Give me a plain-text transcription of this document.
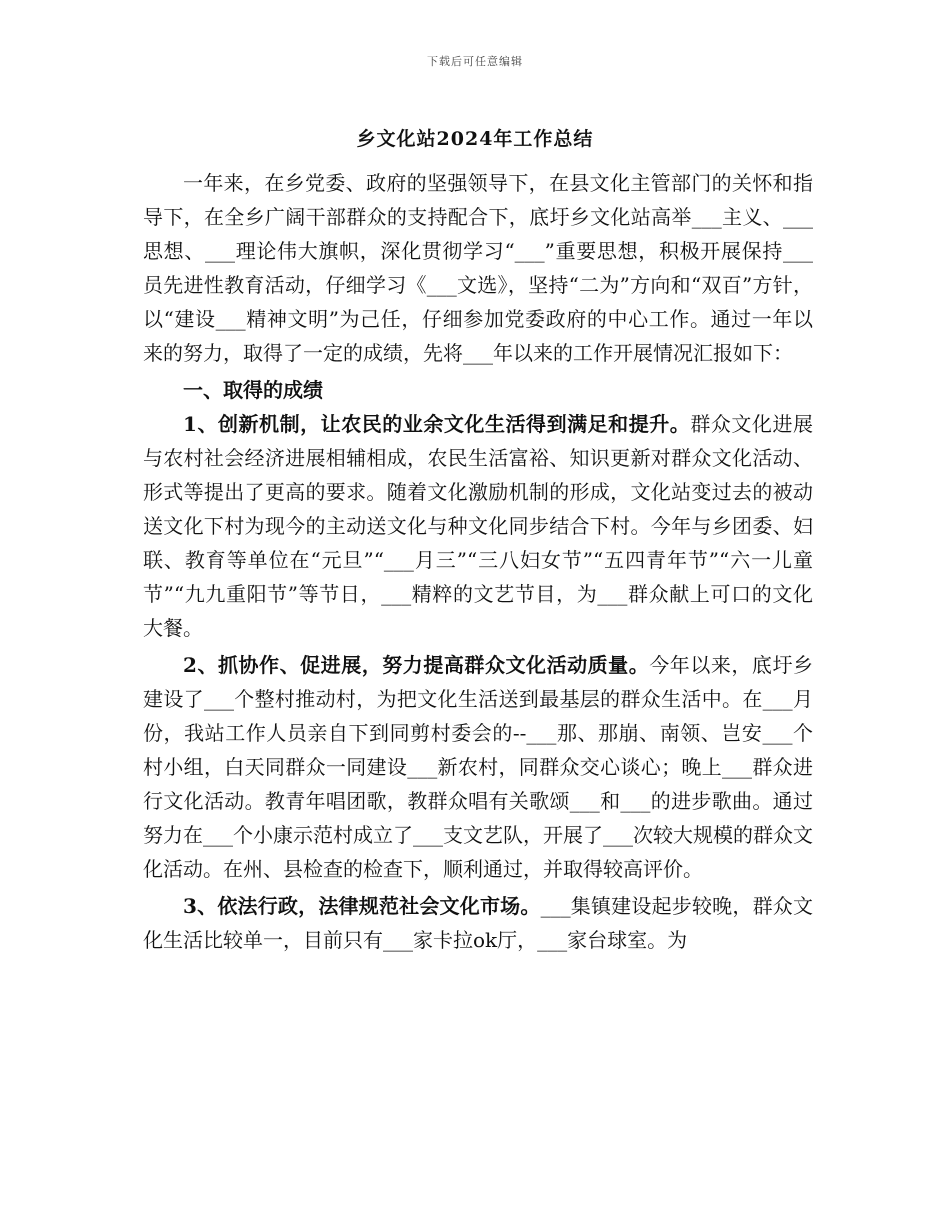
下载后可任意编辑
乡文化站2024年工作总结

一年来，在乡党委、政府的坚强领导下，在县文化主管部门的关怀和指导下，在全乡广阔干部群众的支持配合下，底圩乡文化站高举___主义、___思想、___理论伟大旗帜，深化贯彻学习“___”重要思想，积极开展保持___员先进性教育活动，仔细学习《___文选》，坚持“二为”方向和“双百”方针，以“建设___精神文明”为己任，仔细参加党委政府的中心工作。通过一年以来的努力，取得了一定的成绩，先将___年以来的工作开展情况汇报如下：

一、取得的成绩

1、创新机制，让农民的业余文化生活得到满足和提升。群众文化进展与农村社会经济进展相辅相成，农民生活富裕、知识更新对群众文化活动、形式等提出了更高的要求。随着文化激励机制的形成，文化站变过去的被动送文化下村为现今的主动送文化与种文化同步结合下村。今年与乡团委、妇联、教育等单位在“元旦”“___月三”“三八妇女节”“五四青年节”“六一儿童节”“九九重阳节”等节日，___精粹的文艺节目，为___群众献上可口的文化大餐。

2、抓协作、促进展，努力提高群众文化活动质量。今年以来，底圩乡建设了___个整村推动村，为把文化生活送到最基层的群众生活中。在___月份，我站工作人员亲自下到同剪村委会的--___那、那崩、南领、岂安___个村小组，白天同群众一同建设___新农村，同群众交心谈心；晚上___群众进行文化活动。教青年唱团歌，教群众唱有关歌颂___和___的进步歌曲。通过努力在___个小康示范村成立了___支文艺队，开展了___次较大规模的群众文化活动。在州、县检查的检查下，顺利通过，并取得较高评价。

3、依法行政，法律规范社会文化市场。___集镇建设起步较晚，群众文化生活比较单一，目前只有___家卡拉ok厅，___家台球室。为
